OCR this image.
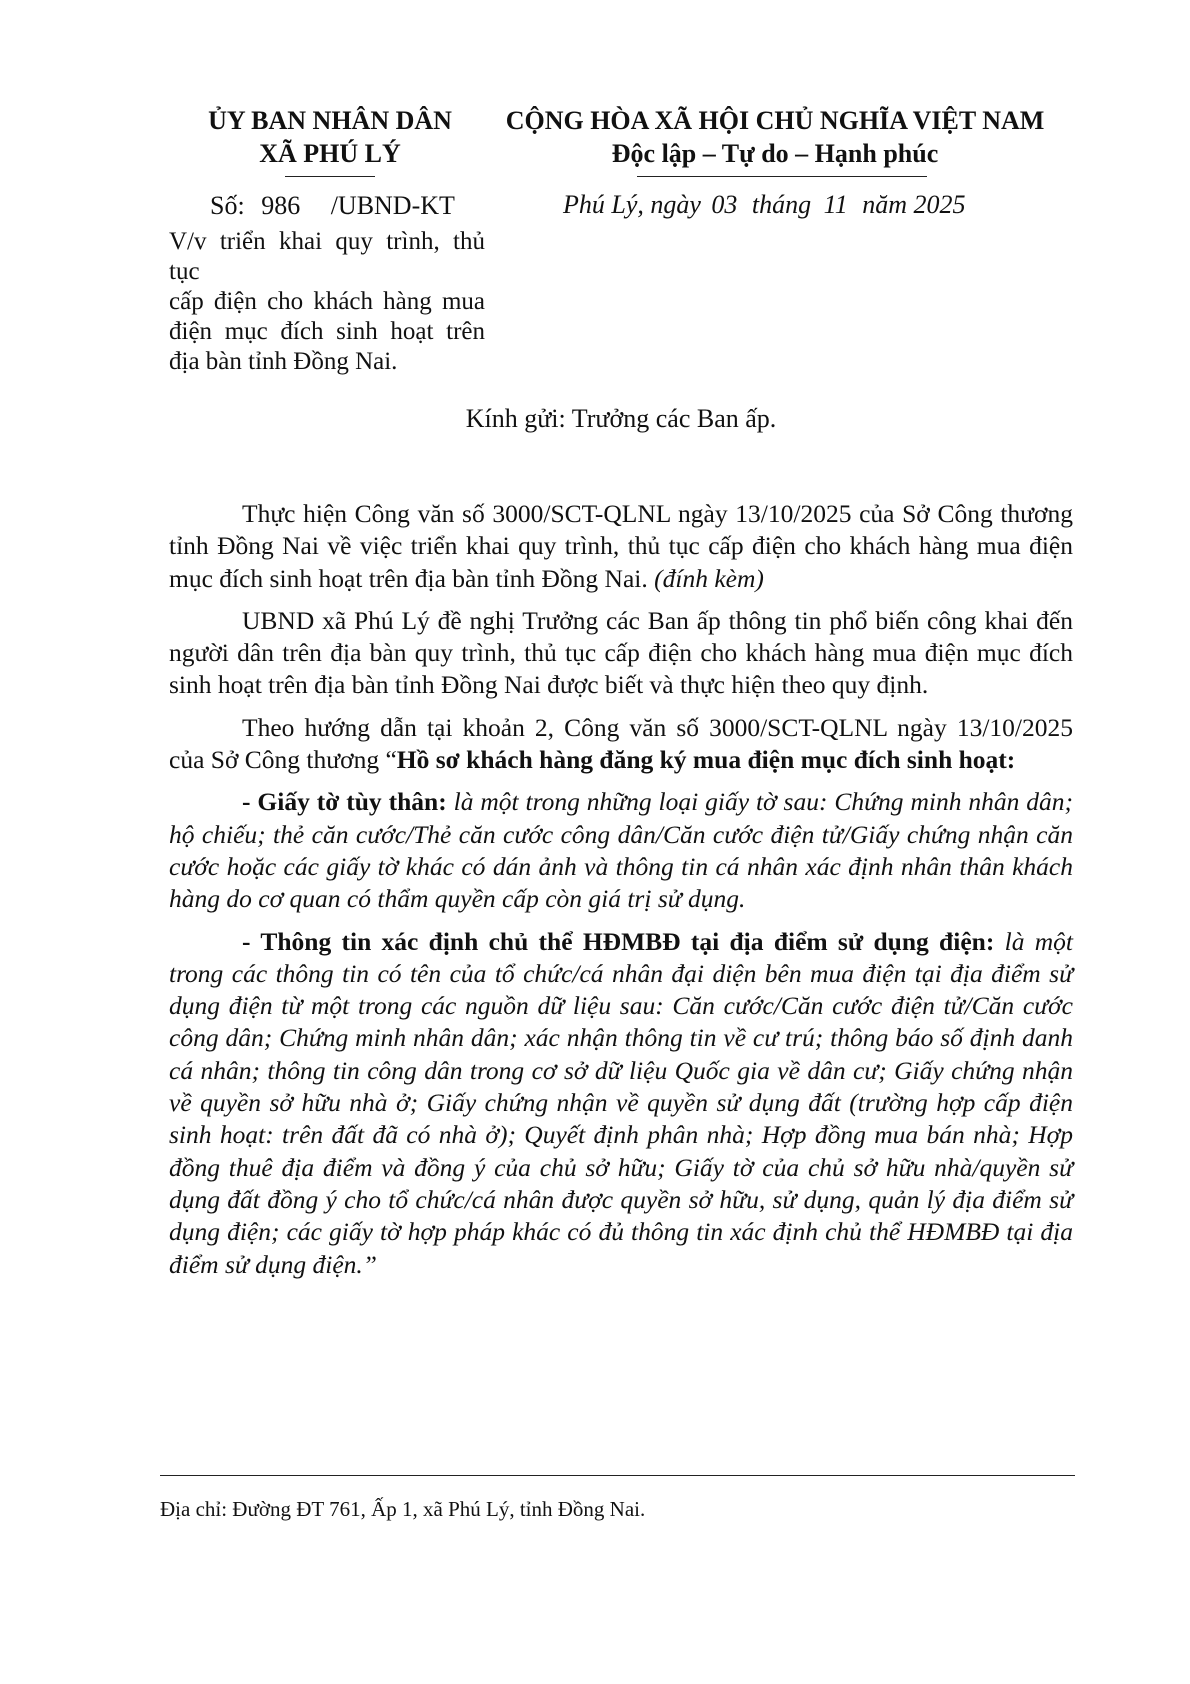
ỦY BAN NHÂN DÂN
XÃ PHÚ LÝ
Số: 986 /UBND-KT
V/v triển khai quy trình, thủ tục
cấp điện cho khách hàng mua
điện mục đích sinh hoạt trên
địa bàn tỉnh Đồng Nai.
CỘNG HÒA XÃ HỘI CHỦ NGHĨA VIỆT NAM
Độc lập – Tự do – Hạnh phúc
Phú Lý, ngày 03 tháng 11 năm 2025
Kính gửi: Trưởng các Ban ấp.

Thực hiện Công văn số 3000/SCT-QLNL ngày 13/10/2025 của Sở Công thương tỉnh Đồng Nai về việc triển khai quy trình, thủ tục cấp điện cho khách hàng mua điện mục đích sinh hoạt trên địa bàn tỉnh Đồng Nai. (đính kèm)

UBND xã Phú Lý đề nghị Trưởng các Ban ấp thông tin phổ biến công khai đến người dân trên địa bàn quy trình, thủ tục cấp điện cho khách hàng mua điện mục đích sinh hoạt trên địa bàn tỉnh Đồng Nai được biết và thực hiện theo quy định.

Theo hướng dẫn tại khoản 2, Công văn số 3000/SCT-QLNL ngày 13/10/2025 của Sở Công thương “Hồ sơ khách hàng đăng ký mua điện mục đích sinh hoạt:

- Giấy tờ tùy thân: là một trong những loại giấy tờ sau: Chứng minh nhân dân; hộ chiếu; thẻ căn cước/Thẻ căn cước công dân/Căn cước điện tử/Giấy chứng nhận căn cước hoặc các giấy tờ khác có dán ảnh và thông tin cá nhân xác định nhân thân khách hàng do cơ quan có thẩm quyền cấp còn giá trị sử dụng.

- Thông tin xác định chủ thể HĐMBĐ tại địa điểm sử dụng điện: là một trong các thông tin có tên của tổ chức/cá nhân đại diện bên mua điện tại địa điểm sử dụng điện từ một trong các nguồn dữ liệu sau: Căn cước/Căn cước điện tử/Căn cước công dân; Chứng minh nhân dân; xác nhận thông tin về cư trú; thông báo số định danh cá nhân; thông tin công dân trong cơ sở dữ liệu Quốc gia về dân cư; Giấy chứng nhận về quyền sở hữu nhà ở; Giấy chứng nhận về quyền sử dụng đất (trường hợp cấp điện sinh hoạt: trên đất đã có nhà ở); Quyết định phân nhà; Hợp đồng mua bán nhà; Hợp đồng thuê địa điểm và đồng ý của chủ sở hữu; Giấy tờ của chủ sở hữu nhà/quyền sử dụng đất đồng ý cho tổ chức/cá nhân được quyền sở hữu, sử dụng, quản lý địa điểm sử dụng điện; các giấy tờ hợp pháp khác có đủ thông tin xác định chủ thể HĐMBĐ tại địa điểm sử dụng điện.”

Địa chỉ: Đường ĐT 761, Ấp 1, xã Phú Lý, tỉnh Đồng Nai.
